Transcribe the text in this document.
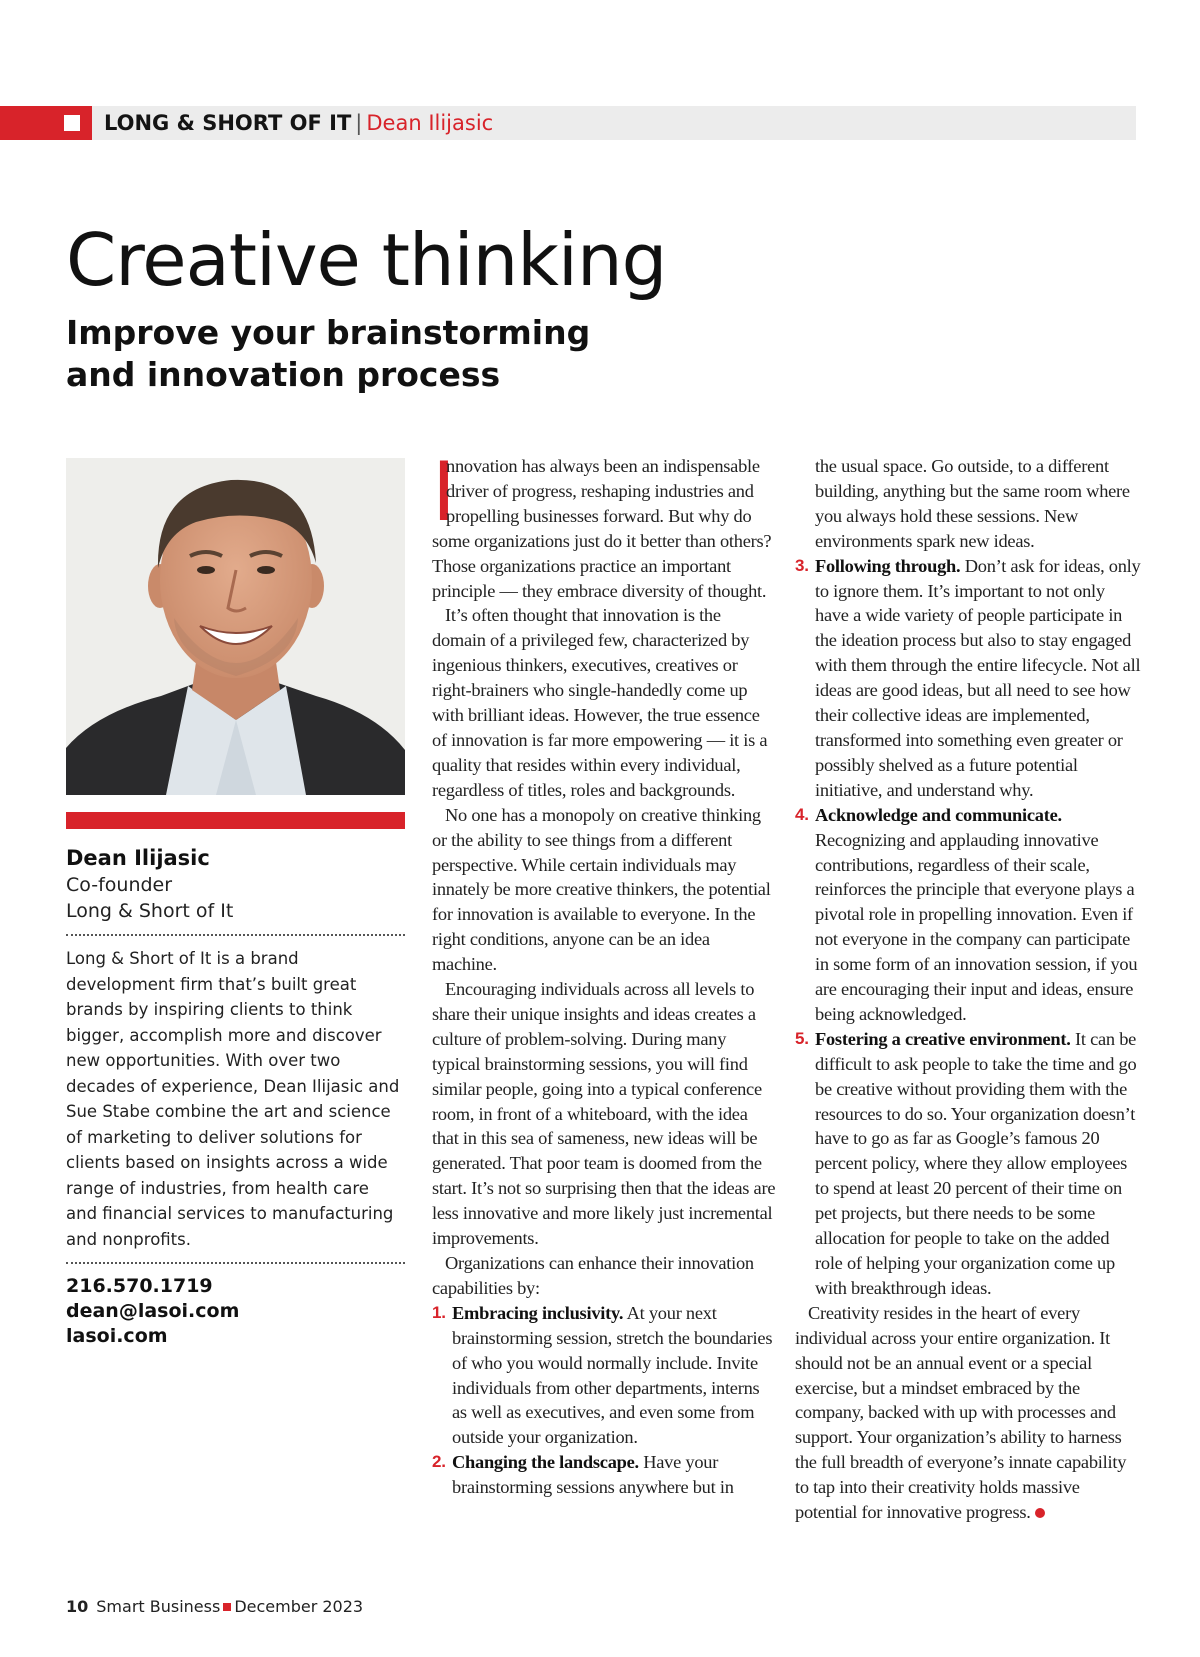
LONG & SHORT OF IT | Dean Ilijasic
Creative thinking
Improve your brainstorming
and innovation process
Dean Ilijasic
Co-founder
Long & Short of It

Long & Short of It is a brand development firm that’s built great brands by inspiring clients to think bigger, accomplish more and discover new opportunities. With over two decades of experience, Dean Ilijasic and Sue Stabe combine the art and science of marketing to deliver solutions for clients based on insights across a wide range of industries, from health care and financial services to manufacturing and nonprofits.

216.570.1719
dean@lasoi.com
lasoi.com

I
nnovation has always been an indispensable driver of progress, reshaping industries and propelling businesses forward. But why do some organizations just do it better than others? Those organizations practice an important principle — they embrace diversity of thought.

It’s often thought that innovation is the domain of a privileged few, characterized by ingenious thinkers, executives, creatives or right-brainers who single-handedly come up with brilliant ideas. However, the true essence of innovation is far more empowering — it is a quality that resides within every individual, regardless of titles, roles and backgrounds.

No one has a monopoly on creative thinking or the ability to see things from a different perspective. While certain individuals may innately be more creative thinkers, the potential for innovation is available to everyone. In the right conditions, anyone can be an idea machine.

Encouraging individuals across all levels to share their unique insights and ideas creates a culture of problem-solving. During many typical brainstorming sessions, you will find similar people, going into a typical conference room, in front of a whiteboard, with the idea that in this sea of sameness, new ideas will be generated. That poor team is doomed from the start. It’s not so surprising then that the ideas are less innovative and more likely just incremental improvements.

Organizations can enhance their innovation capabilities by:

1. Embracing inclusivity. At your next brainstorming session, stretch the boundaries of who you would normally include. Invite individuals from other departments, interns as well as executives, and even some from outside your organization.
2. Changing the landscape. Have your brainstorming sessions anywhere but in
the usual space. Go outside, to a different building, anything but the same room where you always hold these sessions. New environments spark new ideas.
3. Following through. Don’t ask for ideas, only to ignore them. It’s important to not only have a wide variety of people participate in the ideation process but also to stay engaged with them through the entire lifecycle. Not all ideas are good ideas, but all need to see how their collective ideas are implemented, transformed into something even greater or possibly shelved as a future potential initiative, and understand why.
4. Acknowledge and communicate. Recognizing and applauding innovative contributions, regardless of their scale, reinforces the principle that everyone plays a pivotal role in propelling innovation. Even if not everyone in the company can participate in some form of an innovation session, if you are encouraging their input and ideas, ensure being acknowledged.
5. Fostering a creative environment. It can be difficult to ask people to take the time and go be creative without providing them with the resources to do so. Your organization doesn’t have to go as far as Google’s famous 20 percent policy, where they allow employees to spend at least 20 percent of their time on pet projects, but there needs to be some allocation for people to take on the added role of helping your organization come up with breakthrough ideas.

Creativity resides in the heart of every individual across your entire organization. It should not be an annual event or a special exercise, but a mindset embraced by the company, backed with up with processes and support. Your organization’s ability to harness the full breadth of everyone’s innate capability to tap into their creativity holds massive potential for innovative progress.

10 Smart Business December 2023
